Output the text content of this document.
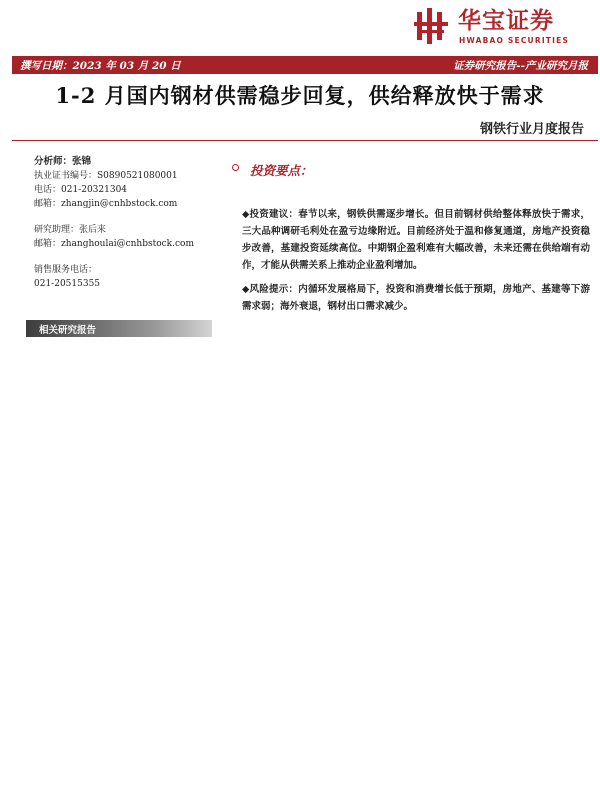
华宝证券
HWABAO SECURITIES
撰写日期：2023 年 03 月 20 日	证券研究报告--产业研究月报
1-2 月国内钢材供需稳步回复，供给释放快于需求
钢铁行业月度报告
分析师：张锦
执业证书编号：S0890521080001
电话：021-20321304
邮箱：zhangjin@cnhbstock.com
研究助理：张后来
邮箱：zhanghoulai@cnhbstock.com
销售服务电话：
021-20515355
相关研究报告
投资要点：
◆投资建议：春节以来，钢铁供需逐步增长。但目前钢材供给整体释放快于需求，三大品种调研毛利处在盈亏边缘附近。目前经济处于温和修复通道，房地产投资稳步改善，基建投资延续高位。中期钢企盈利难有大幅改善，未来还需在供给端有动作，才能从供需关系上推动企业盈利增加。
◆风险提示：内循环发展格局下，投资和消费增长低于预期，房地产、基建等下游需求弱；海外衰退，钢材出口需求减少。
